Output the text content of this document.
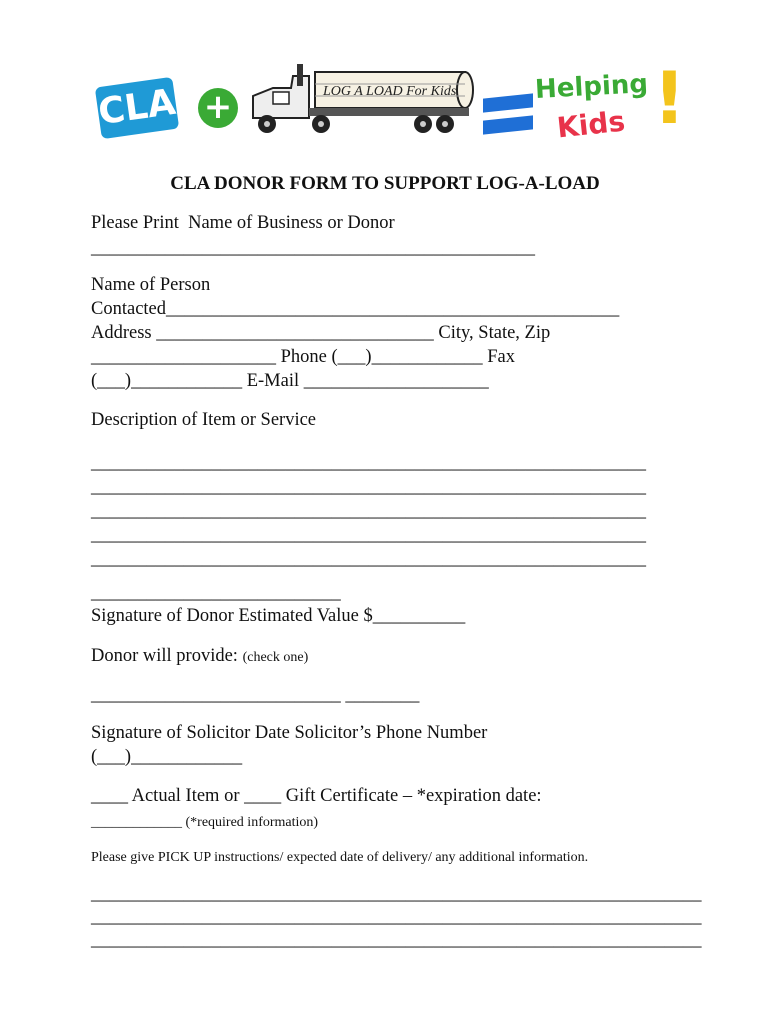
CLA +	LOG A LOAD For Kids	Helping
Kids !
CLA DONOR FORM TO SUPPORT LOG-A-LOAD
Please Print  Name of Business or Donor
________________________________________________
Name of Person
Contacted_________________________________________________
Address ______________________________ City, State, Zip
____________________ Phone (___)____________ Fax
(___)____________ E-Mail ____________________
Description of Item or Service
____________________________________________________________
____________________________________________________________
____________________________________________________________
____________________________________________________________
____________________________________________________________
___________________________
Signature of Donor Estimated Value $__________
Donor will provide: (check one)
___________________________ ________
Signature of Solicitor Date Solicitor’s Phone Number
(___)____________
____ Actual Item or ____ Gift Certificate – *expiration date:
_____________ (*required information)
Please give PICK UP instructions/ expected date of delivery/ any additional information.
__________________________________________________________________
__________________________________________________________________
__________________________________________________________________
